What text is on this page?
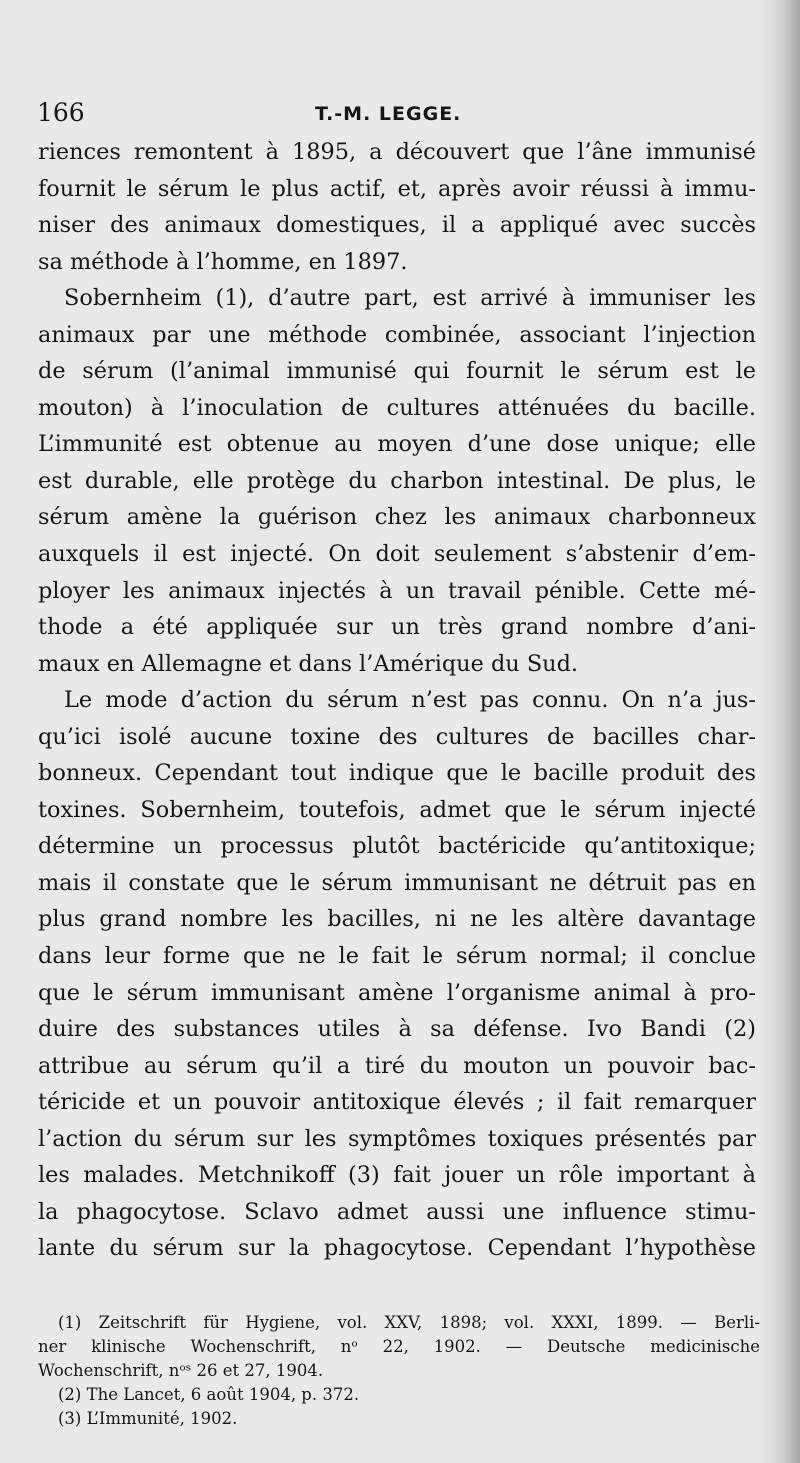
166	T.-M. LEGGE.
riences remontent à 1895, a découvert que l’âne immunisé
fournit le sérum le plus actif, et, après avoir réussi à immu-
niser des animaux domestiques, il a appliqué avec succès
sa méthode à l’homme, en 1897.
Sobernheim (1), d’autre part, est arrivé à immuniser les
animaux par une méthode combinée, associant l’injection
de sérum (l’animal immunisé qui fournit le sérum est le
mouton) à l’inoculation de cultures atténuées du bacille.
L’immunité est obtenue au moyen d’une dose unique; elle
est durable, elle protège du charbon intestinal. De plus, le
sérum amène la guérison chez les animaux charbonneux
auxquels il est injecté. On doit seulement s’abstenir d’em-
ployer les animaux injectés à un travail pénible. Cette mé-
thode a été appliquée sur un très grand nombre d’ani-
maux en Allemagne et dans l’Amérique du Sud.
Le mode d’action du sérum n’est pas connu. On n’a jus-
qu’ici isolé aucune toxine des cultures de bacilles char-
bonneux. Cependant tout indique que le bacille produit des
toxines. Sobernheim, toutefois, admet que le sérum injecté
détermine un processus plutôt bactéricide qu’antitoxique;
mais il constate que le sérum immunisant ne détruit pas en
plus grand nombre les bacilles, ni ne les altère davantage
dans leur forme que ne le fait le sérum normal; il conclue
que le sérum immunisant amène l’organisme animal à pro-
duire des substances utiles à sa défense. Ivo Bandi (2)
attribue au sérum qu’il a tiré du mouton un pouvoir bac-
téricide et un pouvoir antitoxique élevés ; il fait remarquer
l’action du sérum sur les symptômes toxiques présentés par
les malades. Metchnikoff (3) fait jouer un rôle important à
la phagocytose. Sclavo admet aussi une influence stimu-
lante du sérum sur la phagocytose. Cependant l’hypothèse
(1) Zeitschrift für Hygiene, vol. XXV, 1898; vol. XXXI, 1899. — Berli-
ner klinische Wochenschrift, nᵒ 22, 1902. — Deutsche medicinische
Wochenschrift, nᵒˢ 26 et 27, 1904.
(2) The Lancet, 6 août 1904, p. 372.
(3) L’Immunité, 1902.
